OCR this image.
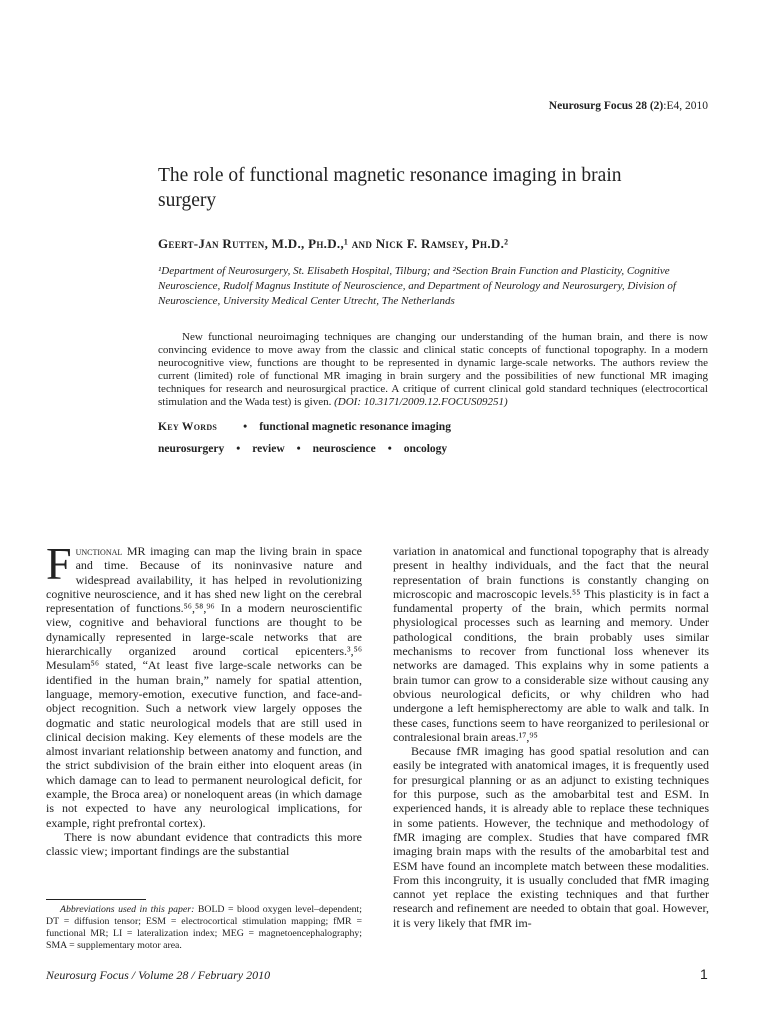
Neurosurg Focus 28 (2):E4, 2010
The role of functional magnetic resonance imaging in brain surgery
Geert-Jan Rutten, M.D., Ph.D.,¹ and Nick F. Ramsey, Ph.D.²
¹Department of Neurosurgery, St. Elisabeth Hospital, Tilburg; and ²Section Brain Function and Plasticity, Cognitive Neuroscience, Rudolf Magnus Institute of Neuroscience, and Department of Neurology and Neurosurgery, Division of Neuroscience, University Medical Center Utrecht, The Netherlands
New functional neuroimaging techniques are changing our understanding of the human brain, and there is now convincing evidence to move away from the classic and clinical static concepts of functional topography. In a modern neurocognitive view, functions are thought to be represented in dynamic large-scale networks. The authors review the current (limited) role of functional MR imaging in brain surgery and the possibilities of new functional MR imaging techniques for research and neurosurgical practice. A critique of current clinical gold standard techniques (electrocortical stimulation and the Wada test) is given. (DOI: 10.3171/2009.12.FOCUS09251)
Key Words • functional magnetic resonance imaging
neurosurgery • review • neuroscience • oncology

Functional MR imaging can map the living brain in space and time. Because of its noninvasive nature and widespread availability, it has helped in revolutionizing cognitive neuroscience, and it has shed new light on the cerebral representation of functions.⁵⁶,⁵⁸,⁹⁶ In a modern neuroscientific view, cognitive and behavioral functions are thought to be dynamically represented in large-scale networks that are hierarchically organized around cortical epicenters.³,⁵⁶ Mesulam⁵⁶ stated, “At least five large-scale networks can be identified in the human brain,” namely for spatial attention, language, memory-emotion, executive function, and face-and-object recognition. Such a network view largely opposes the dogmatic and static neurological models that are still used in clinical decision making. Key elements of these models are the almost invariant relationship between anatomy and function, and the strict subdivision of the brain either into eloquent areas (in which damage can to lead to permanent neurological deficit, for example, the Broca area) or noneloquent areas (in which damage is not expected to have any neurological implications, for example, right prefrontal cortex).

There is now abundant evidence that contradicts this more classic view; important findings are the substantial

variation in anatomical and functional topography that is already present in healthy individuals, and the fact that the neural representation of brain functions is constantly changing on microscopic and macroscopic levels.⁵⁵ This plasticity is in fact a fundamental property of the brain, which permits normal physiological processes such as learning and memory. Under pathological conditions, the brain probably uses similar mechanisms to recover from functional loss whenever its networks are damaged. This explains why in some patients a brain tumor can grow to a considerable size without causing any obvious neurological deficits, or why children who had undergone a left hemispherectomy are able to walk and talk. In these cases, functions seem to have reorganized to perilesional or contralesional brain areas.¹⁷,⁹⁵

Because fMR imaging has good spatial resolution and can easily be integrated with anatomical images, it is frequently used for presurgical planning or as an adjunct to existing techniques for this purpose, such as the amobarbital test and ESM. In experienced hands, it is already able to replace these techniques in some patients. However, the technique and methodology of fMR imaging are complex. Studies that have compared fMR imaging brain maps with the results of the amobarbital test and ESM have found an incomplete match between these modalities. From this incongruity, it is usually concluded that fMR imaging cannot yet replace the existing techniques and that further research and refinement are needed to obtain that goal. However, it is very likely that fMR im-

Abbreviations used in this paper: BOLD = blood oxygen level–dependent; DT = diffusion tensor; ESM = electrocortical stimulation mapping; fMR = functional MR; LI = lateralization index; MEG = magnetoencephalography; SMA = supplementary motor area.
Neurosurg Focus / Volume 28 / February 2010	1
